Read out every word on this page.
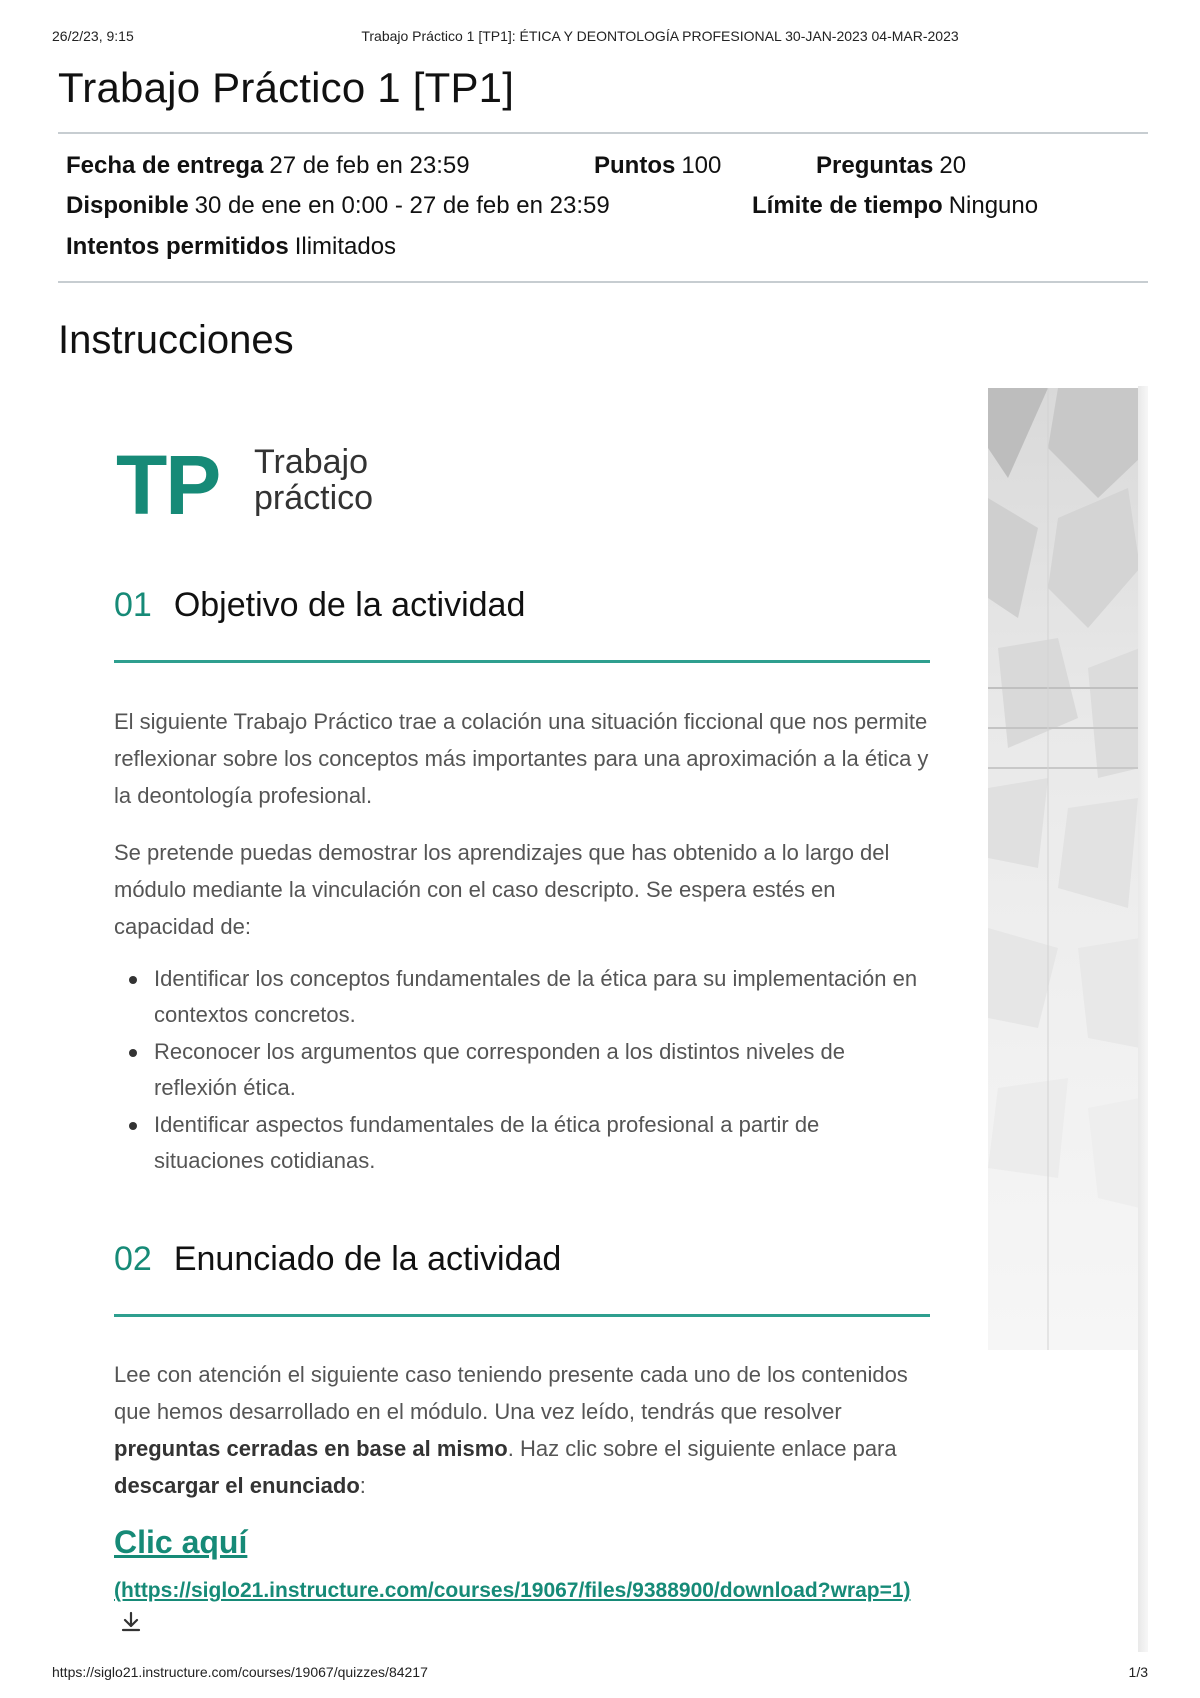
26/2/23, 9:15	Trabajo Práctico 1 [TP1]: ÉTICA Y DEONTOLOGÍA PROFESIONAL 30-JAN-2023 04-MAR-2023
Trabajo Práctico 1 [TP1]
Fecha de entrega 27 de feb en 23:59	Puntos 100	Preguntas 20
Disponible 30 de ene en 0:00 - 27 de feb en 23:59	Límite de tiempo Ninguno
Intentos permitidos Ilimitados
Instrucciones
TP Trabajo
práctico
01 Objetivo de la actividad

El siguiente Trabajo Práctico trae a colación una situación ficcional que nos permite reflexionar sobre los conceptos más importantes para una aproximación a la ética y la deontología profesional.

Se pretende puedas demostrar los aprendizajes que has obtenido a lo largo del módulo mediante la vinculación con el caso descripto. Se espera estés en capacidad de:

Identificar los conceptos fundamentales de la ética para su implementación en contextos concretos.
Reconocer los argumentos que corresponden a los distintos niveles de reflexión ética.
Identificar aspectos fundamentales de la ética profesional a partir de situaciones cotidianas.
02 Enunciado de la actividad

Lee con atención el siguiente caso teniendo presente cada uno de los contenidos que hemos desarrollado en el módulo. Una vez leído, tendrás que resolver preguntas cerradas en base al mismo. Haz clic sobre el siguiente enlace para descargar el enunciado:

Clic aquí

(https://siglo21.instructure.com/courses/19067/files/9388900/download?wrap=1)

https://siglo21.instructure.com/courses/19067/quizzes/84217	1/3
